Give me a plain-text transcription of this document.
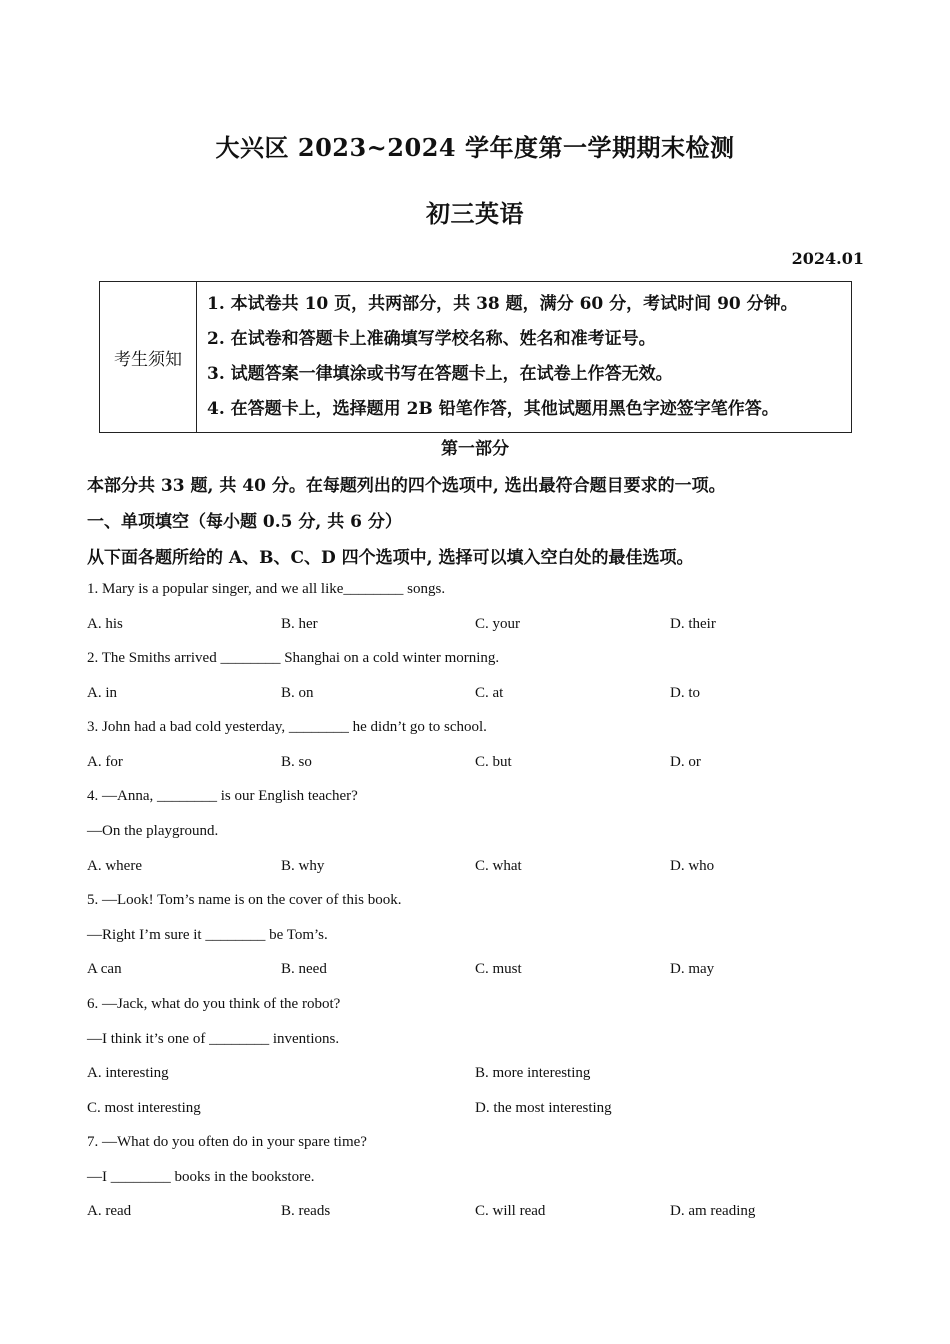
大兴区 2023~2024 学年度第一学期期末检测
初三英语
2024.01
考生须知	
1. 本试卷共 10 页，共两部分，共 38 题，满分 60 分，考试时间 90 分钟。
2. 在试卷和答题卡上准确填写学校名称、姓名和准考证号。
3. 试题答案一律填涂或书写在答题卡上，在试卷上作答无效。
4. 在答题卡上，选择题用 2B 铅笔作答，其他试题用黑色字迹签字笔作答。
第一部分
本部分共 33 题, 共 40 分。在每题列出的四个选项中, 选出最符合题目要求的一项。
一、单项填空（每小题 0.5 分, 共 6 分）
从下面各题所给的 A、B、C、D 四个选项中, 选择可以填入空白处的最佳选项。
1. Mary is a popular singer, and we all like________ songs.
A. his	B. her	C. your	D. their
2. The Smiths arrived ________ Shanghai on a cold winter morning.
A. in	B. on	C. at	D. to
3. John had a bad cold yesterday, ________ he didn’t go to school.
A. for	B. so	C. but	D. or
4. —Anna, ________ is our English teacher?
—On the playground.
A. where	B. why	C. what	D. who
5. —Look! Tom’s name is on the cover of this book.
—Right I’m sure it ________ be Tom’s.
A can	B. need	C. must	D. may
6. —Jack, what do you think of the robot?
—I think it’s one of ________ inventions.
A. interesting	B. more interesting
C. most interesting	D. the most interesting
7. —What do you often do in your spare time?
—I ________ books in the bookstore.
A. read	B. reads	C. will read	D. am reading
